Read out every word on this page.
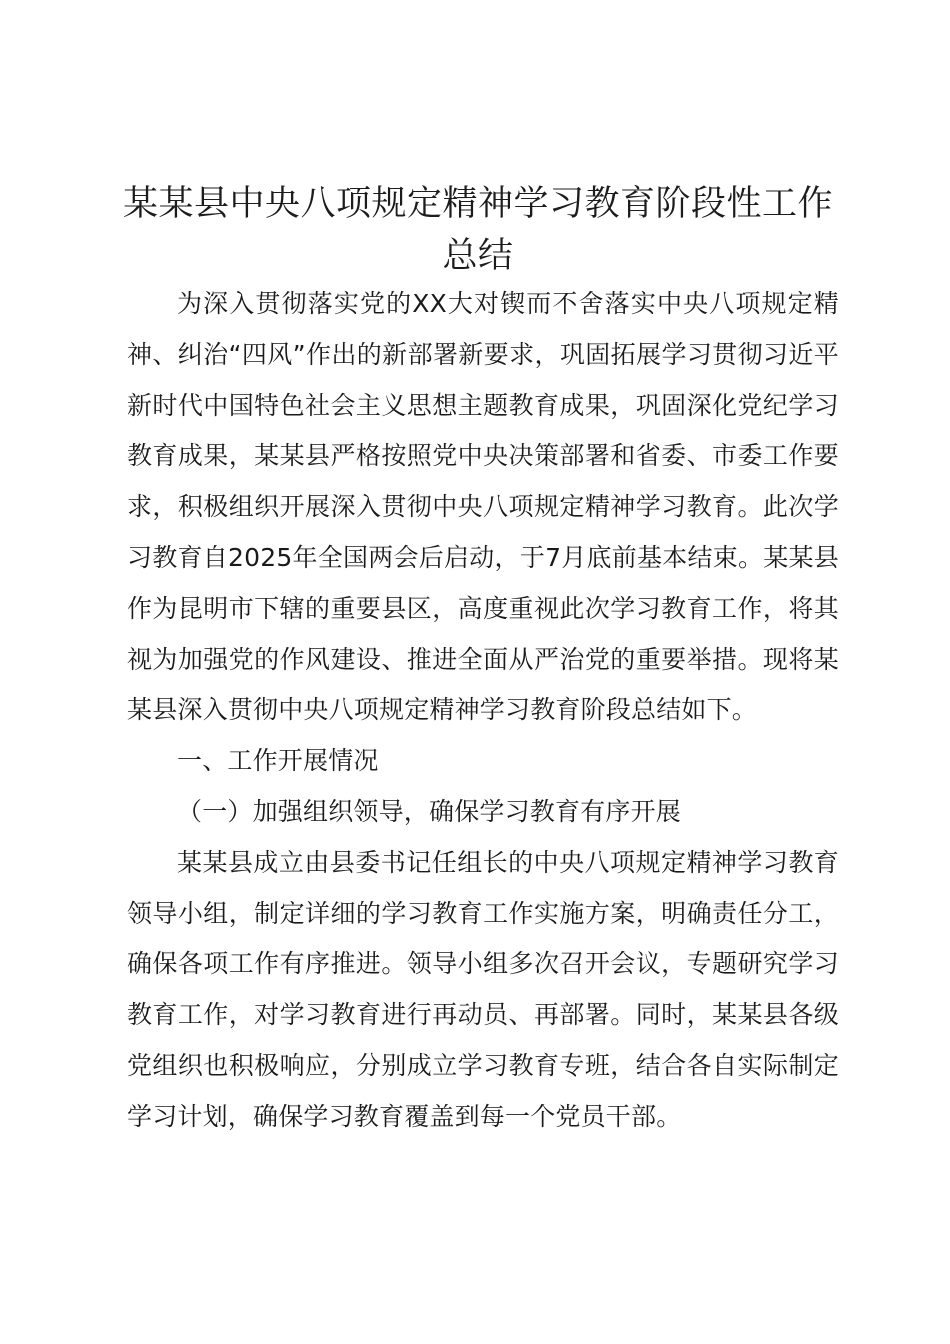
某某县中央八项规定精神学习教育阶段性工作总结

为深入贯彻落实党的XX大对锲而不舍落实中央八项规定精神、纠治“四风”作出的新部署新要求，巩固拓展学习贯彻习近平新时代中国特色社会主义思想主题教育成果，巩固深化党纪学习教育成果，某某县严格按照党中央决策部署和省委、市委工作要求，积极组织开展深入贯彻中央八项规定精神学习教育。此次学习教育自2025年全国两会后启动，于7月底前基本结束。某某县作为昆明市下辖的重要县区，高度重视此次学习教育工作，将其视为加强党的作风建设、推进全面从严治党的重要举措。现将某某县深入贯彻中央八项规定精神学习教育阶段总结如下。

一、工作开展情况

（一）加强组织领导，确保学习教育有序开展

某某县成立由县委书记任组长的中央八项规定精神学习教育领导小组，制定详细的学习教育工作实施方案，明确责任分工，确保各项工作有序推进。领导小组多次召开会议，专题研究学习教育工作，对学习教育进行再动员、再部署。同时，某某县各级党组织也积极响应，分别成立学习教育专班，结合各自实际制定学习计划，确保学习教育覆盖到每一个党员干部。
